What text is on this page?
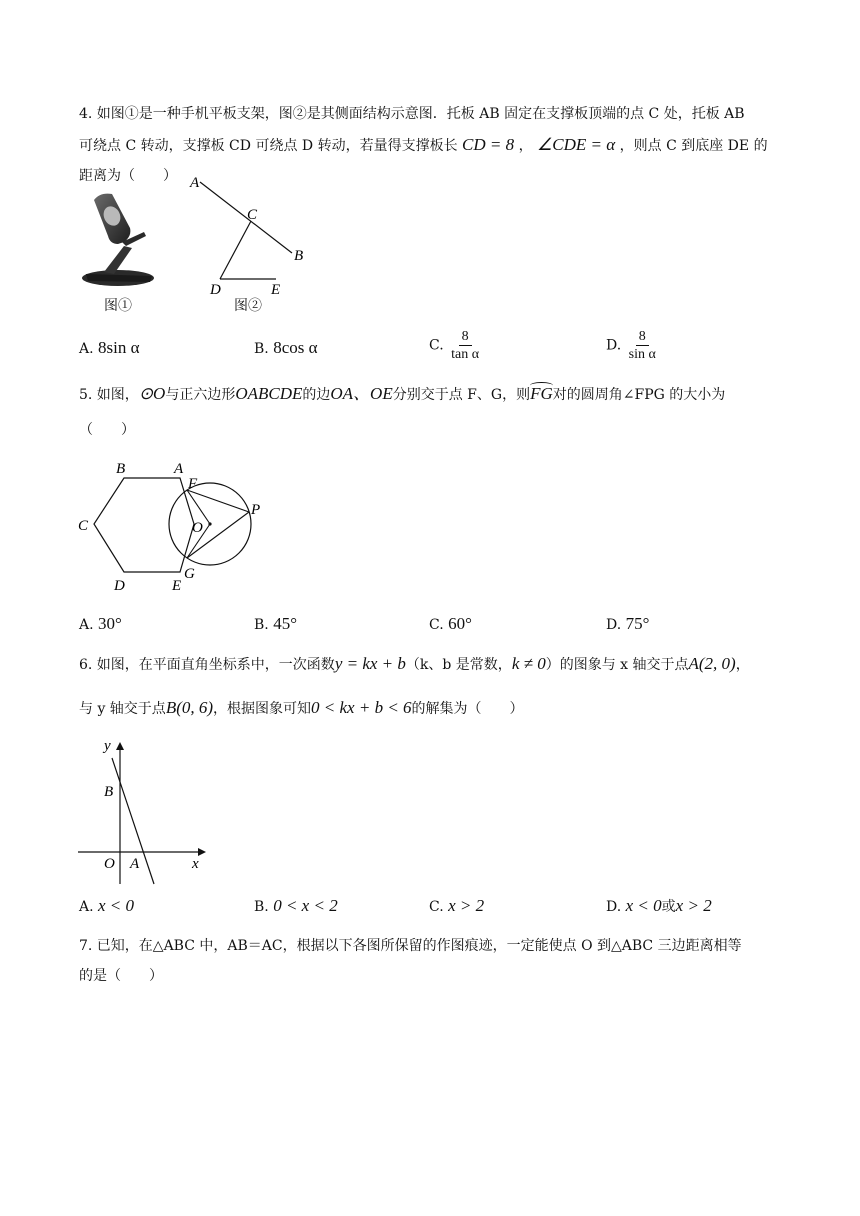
4. 如图①是一种手机平板支架，图②是其侧面结构示意图．托板 AB 固定在支撑板顶端的点 C 处，托板 AB
可绕点 C 转动，支撑板 CD 可绕点 D 转动，若量得支撑板长 CD = 8 ， ∠CDE = α ，则点 C 到底座 DE 的
距离为（　　）
图①
A
C
B
D	E
图②
A. 8sin α	B. 8cos α	C. $\frac{8}{\text{tan α}}$	D. $\frac{8}{\text{sin α}}$
5. 如图，⊙O与正六边形OABCDE的边OA、OE分别交于点 F、G，则
FG对的圆周角∠FPG 的大小为
（　　）
B	A
F
C	O
P
G
D	E
A. 30°	B. 45°	C. 60°	D. 75°
6. 如图，在平面直角坐标系中，一次函数y = kx + b（k、b 是常数，k ≠ 0）的图象与 x 轴交于点A(2, 0)，
与 y 轴交于点B(0, 6)，根据图象可知0 < kx + b < 6的解集为（　　）
y
B
x
O A
A. x < 0	B. 0 < x < 2	C. x > 2	D. x < 0或x > 2
7. 已知，在△ABC 中，AB＝AC，根据以下各图所保留的作图痕迹，一定能使点 O 到△ABC 三边距离相等
的是（　　）
